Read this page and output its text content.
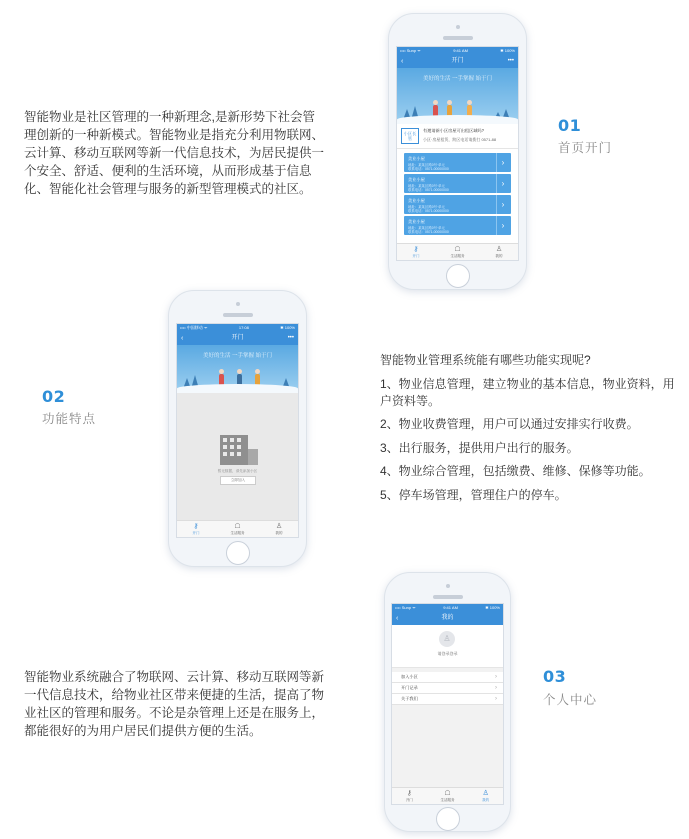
智能物业是社区管理的一种新理念,是新形势下社会管理创新的一种新模式。智能物业是指充分利用物联网、云计算、移动互联网等新一代信息技术，为居民提供一个安全、舒适、便利的生活环境，从而形成基于信息化、智能化社会管理与服务的新型管理模式的社区。
•••• Sunp ᯤ	9:41 AM	✱ 100%
‹	开门	•••
美好的生活 一手掌握 始于门
小区长管
有邀请新小区房屋可出租区域吗?
小区·房屋租赁，跨区电话请拨打 0571-88
美业小屋
地址：某某区路0号·单元
联系电话：0571-00000000
›
美业小屋
地址：某某区路0号·单元
联系电话：0571-00000000
›
美业小屋
地址：某某区路0号·单元
联系电话：0571-00000000
›
美业小屋
地址：某某区路0号·单元
联系电话：0571-00000000
›
⚷
开门
☖
生活服务
♙
我的
01
首页开门
•••• 中国移动 ᯤ	17:08	✱ 100%
‹	开门	•••
美好的生活 一手掌握 始于门
暂无数据，请先添加小区
立即加入
⚷
开门
☖
生活服务
♙
我的
02
功能特点
智能物业管理系统能有哪些功能实现呢?
1、物业信息管理，建立物业的基本信息，物业资料，用户资料等。
2、物业收费管理，用户可以通过安排实行收费。
3、出行服务，提供用户出行的服务。
4、物业综合管理，包括缴费、维修、保修等功能。
5、停车场管理，管理住户的停车。
•••• Sunp ᯤ	9:41 AM	✱ 100%
‹	我的
♙
请登录登录
加入小区	›
开门记录	›
关于我们	›
⚷
开门
☖
生活服务
♙
我的
03
个人中心
智能物业系统融合了物联网、云计算、移动互联网等新一代信息技术，给物业社区带来便捷的生活，提高了物业社区的管理和服务。不论是杂管理上还是在服务上，都能很好的为用户居民们提供方便的生活。
